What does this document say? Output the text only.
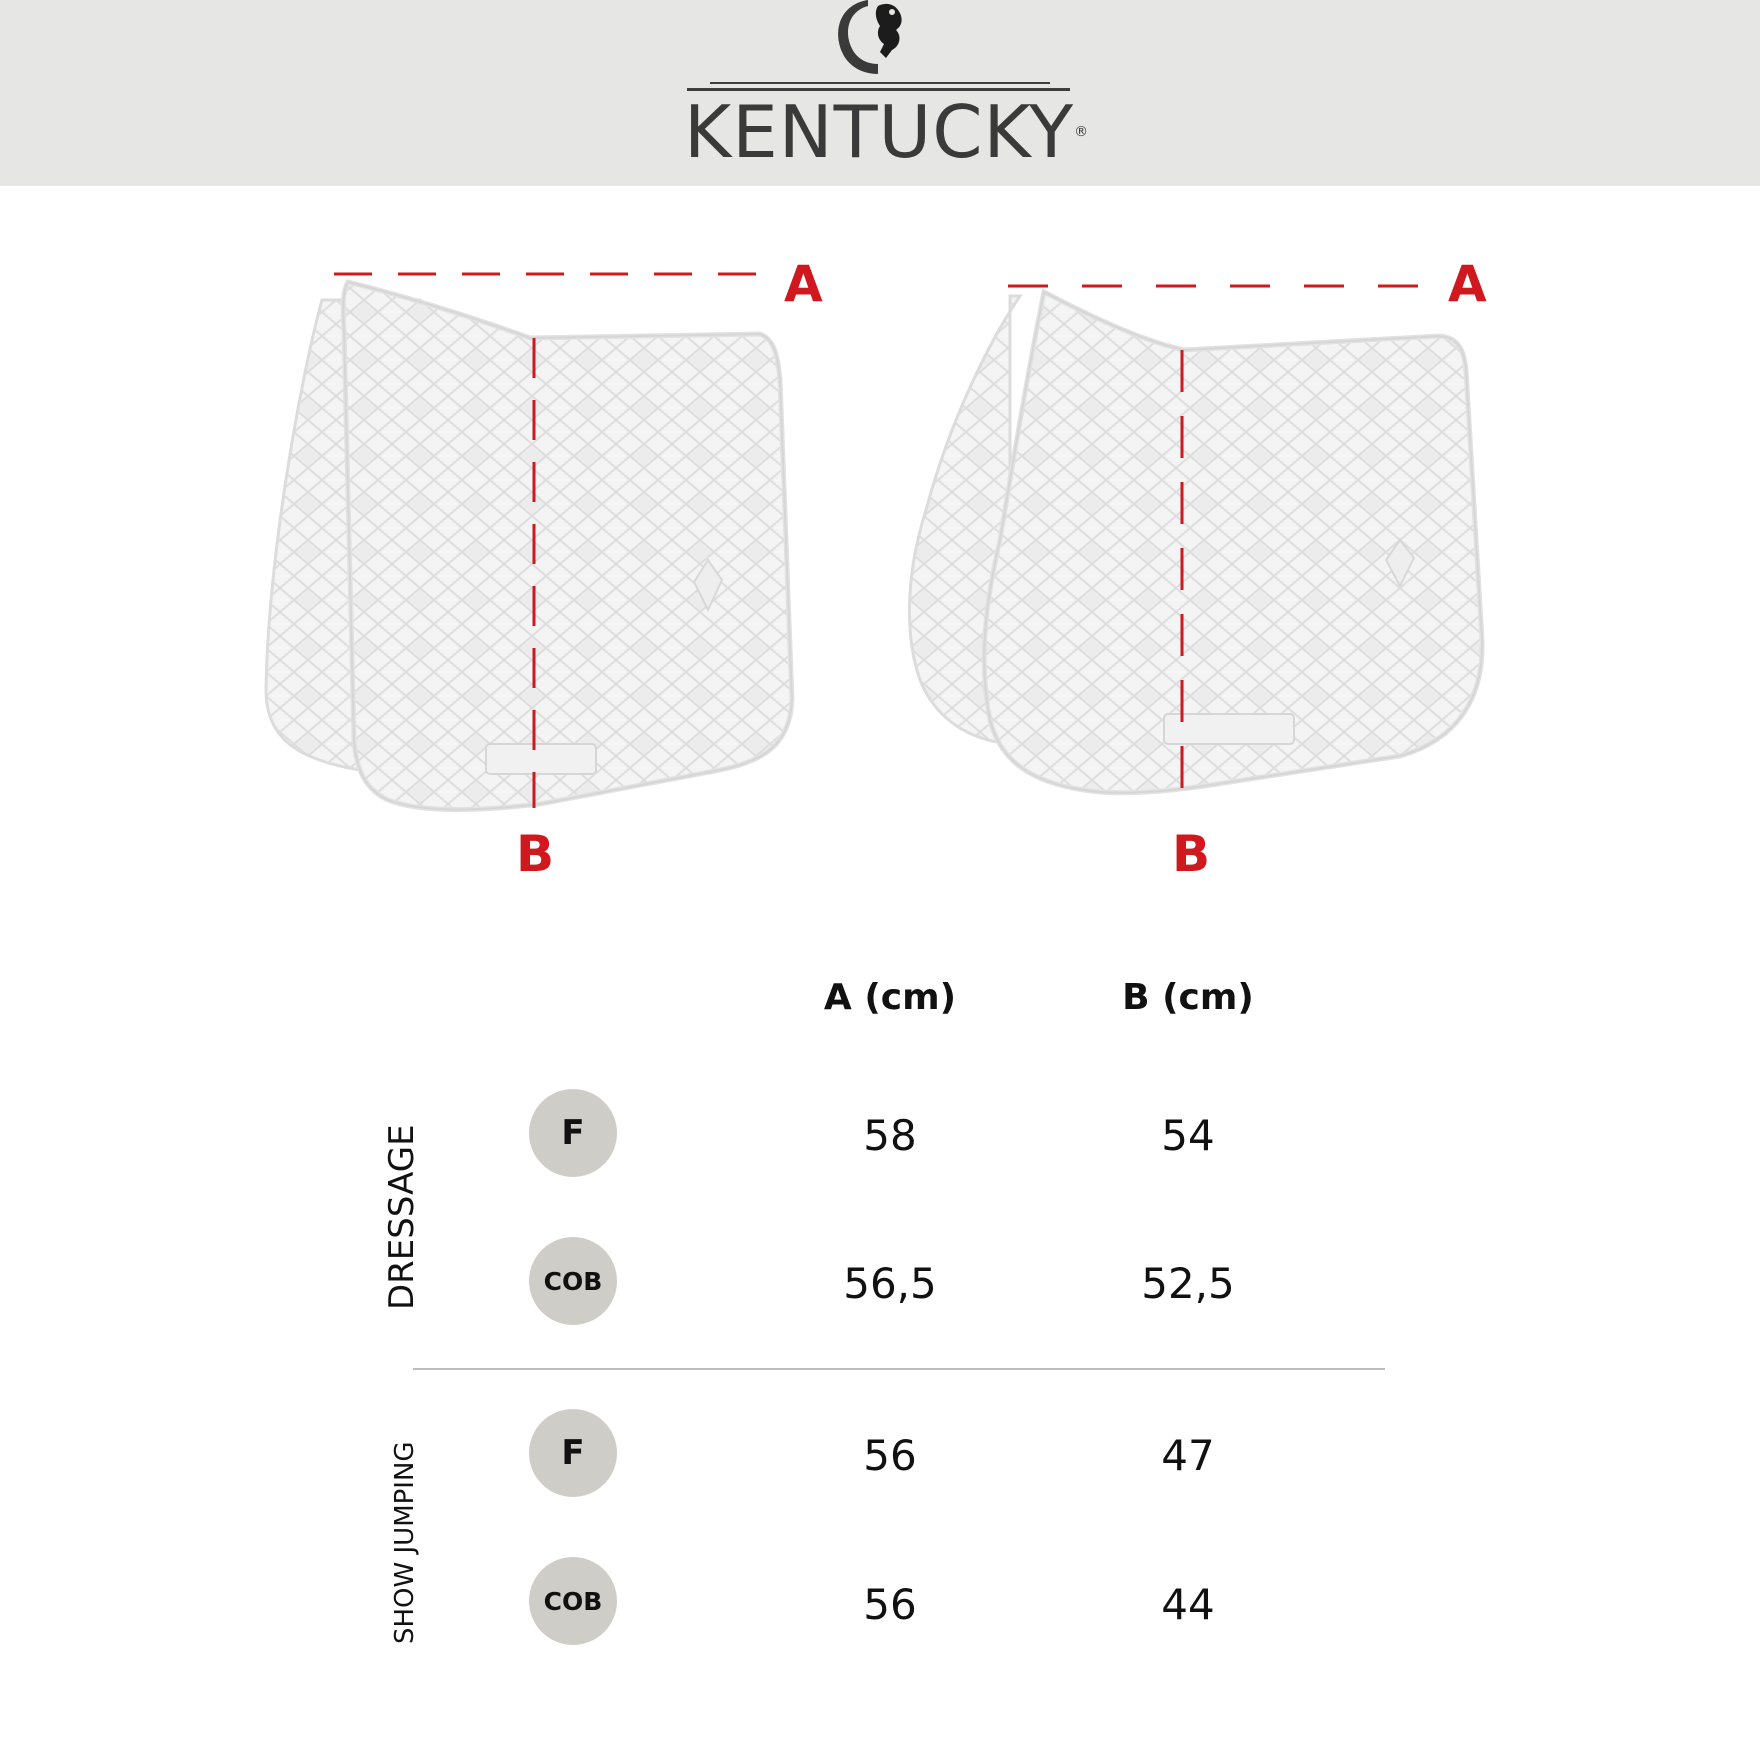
KENTUCKY®
A
B
A
B
A (cm)	B (cm)
DRESSAGE	F	58	54
COB	56,5	52,5
SHOW JUMPING	F	56	47
COB	56	44
